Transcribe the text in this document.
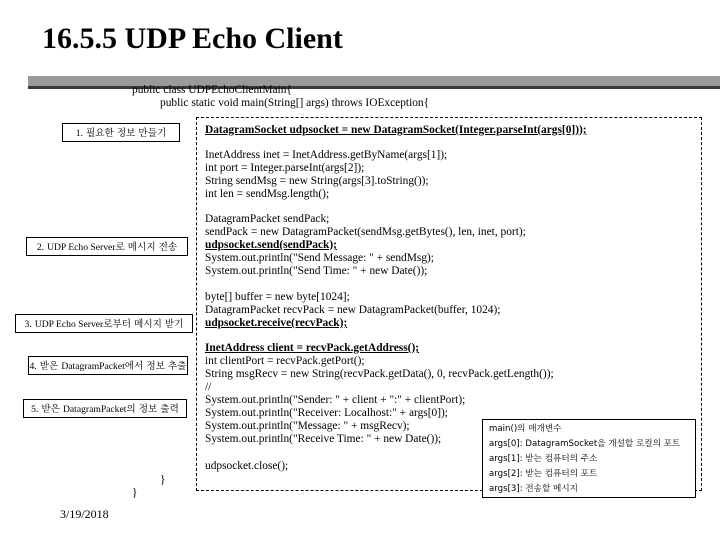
16.5.5 UDP Echo Client
public class UDPEchoClientMain{
public static void main(String[] args) throws IOException{
DatagramSocket udpsocket = new DatagramSocket(Integer.parseInt(args[0]));
InetAddress inet = InetAddress.getByName(args[1]);
int port = Integer.parseInt(args[2]);
String sendMsg = new String(args[3].toString());
int len = sendMsg.length();
DatagramPacket sendPack;
sendPack = new DatagramPacket(sendMsg.getBytes(), len, inet, port);
udpsocket.send(sendPack);
System.out.println("Send Message: " + sendMsg);
System.out.println("Send Time: " + new Date());
byte[] buffer = new byte[1024];
DatagramPacket recvPack = new DatagramPacket(buffer, 1024);
udpsocket.receive(recvPack);
InetAddress client = recvPack.getAddress();
int clientPort = recvPack.getPort();
String msgRecv = new String(recvPack.getData(), 0, recvPack.getLength());
//
System.out.println("Sender: " + client + ":" + clientPort);
System.out.println("Receiver: Localhost:" + args[0]);
System.out.println("Message: " + msgRecv);
System.out.println("Receive Time: " + new Date());
udpsocket.close();
}
}
1. 필요한 정보 만들기
2. UDP Echo Server로 메시지 전송
3. UDP Echo Server로부터 메시지 받기
4. 받은 DatagramPacket에서 정보 추출
5. 받은 DatagramPacket의 정보 출력
main()의 매개변수
args[0]: DatagramSocket을 개설할 로컬의 포트
args[1]: 받는 컴퓨터의 주소
args[2]: 받는 컴퓨터의 포트
args[3]: 전송할 메시지
3/19/2018
